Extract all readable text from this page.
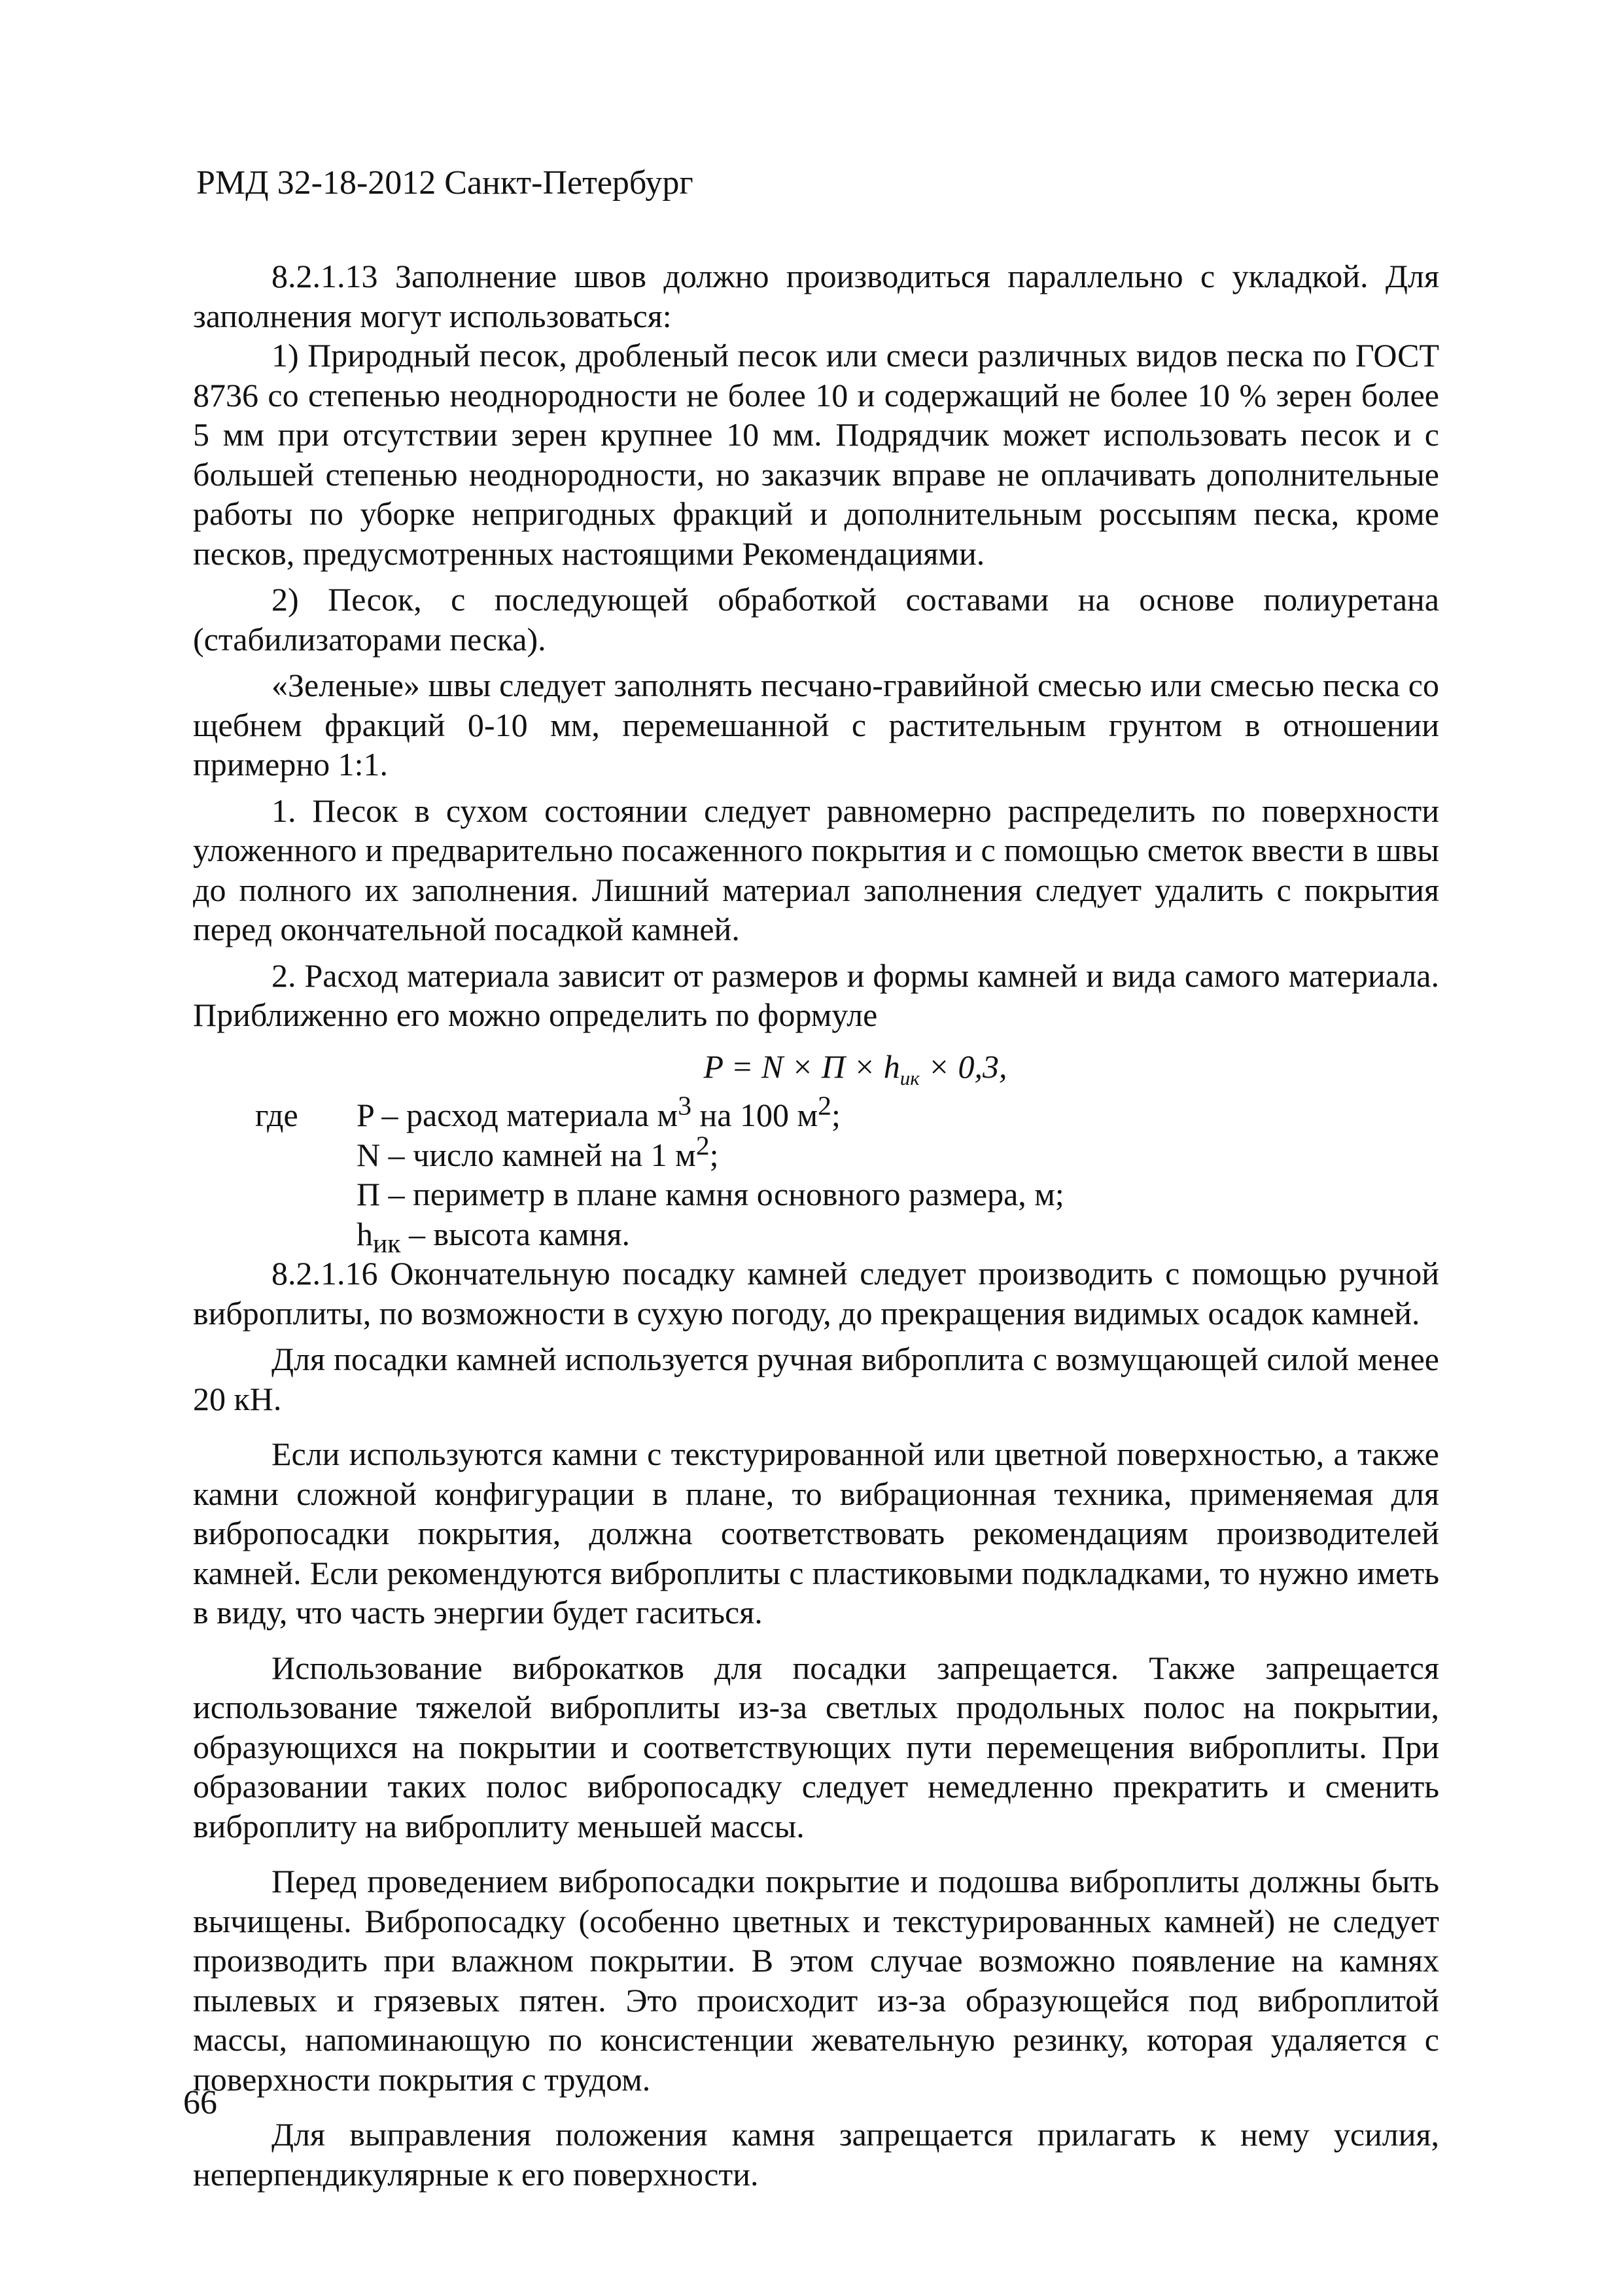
РМД 32-18-2012 Санкт-Петербург

8.2.1.13 Заполнение швов должно производиться параллельно с укладкой. Для заполнения могут использоваться:

1) Природный песок, дробленый песок или смеси различных видов песка по ГОСТ 8736 со степенью неоднородности не более 10 и содержащий не более 10 % зерен более 5 мм при отсутствии зерен крупнее 10 мм. Подрядчик может использовать песок и с большей степенью неоднородности, но заказчик вправе не оплачивать дополнительные работы по уборке непригодных фракций и дополнительным россыпям песка, кроме песков, предусмотренных настоящими Рекомендациями.

2) Песок, с последующей обработкой составами на основе полиуретана (стабилизаторами песка).

«Зеленые» швы следует заполнять песчано-гравийной смесью или смесью песка со щебнем фракций 0-10 мм, перемешанной с растительным грунтом в отношении примерно 1:1.

1. Песок в сухом состоянии следует равномерно распределить по поверхности уложенного и предварительно посаженного покрытия и с помощью сметок ввести в швы до полного их заполнения. Лишний материал заполнения следует удалить с покрытия перед окончательной посадкой камней.

2. Расход материала зависит от размеров и формы камней и вида самого материала. Приближенно его можно определить по формуле

$P = N \times П \times h_{ик} \times 0,3$,
где P – расход материала $м^3$ на 100 $м^2$;
N – число камней на 1 $м^2$;
П – периметр в плане камня основного размера, м;
$h_{ик}$ – высота камня.

8.2.1.16 Окончательную посадку камней следует производить с помощью ручной виброплиты, по возможности в сухую погоду, до прекращения видимых осадок камней.

Для посадки камней используется ручная виброплита с возмущающей силой менее 20 кН.

Если используются камни с текстурированной или цветной поверхностью, а также камни сложной конфигурации в плане, то вибрационная техника, применяемая для вибропосадки покрытия, должна соответствовать рекомендациям производителей камней. Если рекомендуются виброплиты с пластиковыми подкладками, то нужно иметь в виду, что часть энергии будет гаситься.

Использование виброкатков для посадки запрещается. Также запрещается использование тяжелой виброплиты из-за светлых продольных полос на покрытии, образующихся на покрытии и соответствующих пути перемещения виброплиты. При образовании таких полос вибропосадку следует немедленно прекратить и сменить виброплиту на виброплиту меньшей массы.

Перед проведением вибропосадки покрытие и подошва виброплиты должны быть вычищены. Вибропосадку (особенно цветных и текстурированных камней) не следует производить при влажном покрытии. В этом случае возможно появление на камнях пылевых и грязевых пятен. Это происходит из-за образующейся под виброплитой массы, напоминающую по консистенции жевательную резинку, которая удаляется с поверхности покрытия с трудом.

Для выправления положения камня запрещается прилагать к нему усилия, неперпендикулярные к его поверхности.

66
